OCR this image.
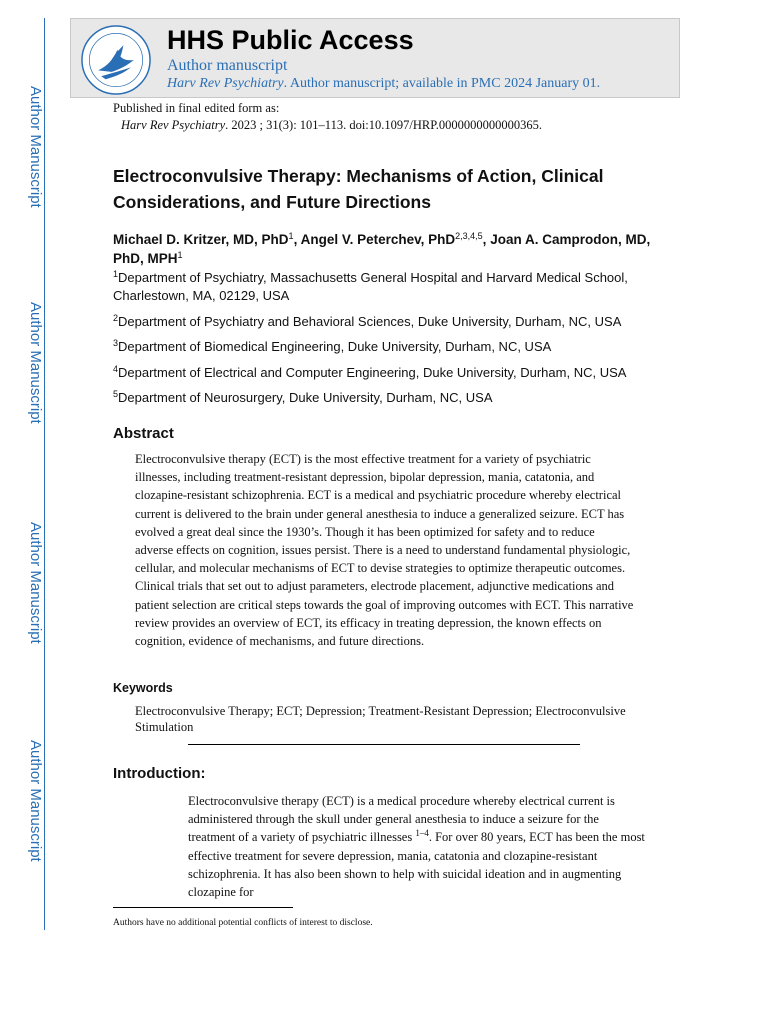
Author Manuscript
Author Manuscript
Author Manuscript
Author Manuscript
HHS Public Access
Author manuscript
Harv Rev Psychiatry. Author manuscript; available in PMC 2024 January 01.
Published in final edited form as:
Harv Rev Psychiatry. 2023 ; 31(3): 101–113. doi:10.1097/HRP.0000000000000365.
Electroconvulsive Therapy: Mechanisms of Action, Clinical Considerations, and Future Directions
Michael D. Kritzer, MD, PhD$^1$, Angel V. Peterchev, PhD$^{2,3,4,5}$, Joan A. Camprodon, MD, PhD, MPH$^1$
$^1$Department of Psychiatry, Massachusetts General Hospital and Harvard Medical School, Charlestown, MA, 02129, USA
$^2$Department of Psychiatry and Behavioral Sciences, Duke University, Durham, NC, USA
$^3$Department of Biomedical Engineering, Duke University, Durham, NC, USA
$^4$Department of Electrical and Computer Engineering, Duke University, Durham, NC, USA
$^5$Department of Neurosurgery, Duke University, Durham, NC, USA
Abstract
Electroconvulsive therapy (ECT) is the most effective treatment for a variety of psychiatric illnesses, including treatment-resistant depression, bipolar depression, mania, catatonia, and clozapine-resistant schizophrenia. ECT is a medical and psychiatric procedure whereby electrical current is delivered to the brain under general anesthesia to induce a generalized seizure. ECT has evolved a great deal since the 1930’s. Though it has been optimized for safety and to reduce adverse effects on cognition, issues persist. There is a need to understand fundamental physiologic, cellular, and molecular mechanisms of ECT to devise strategies to optimize therapeutic outcomes. Clinical trials that set out to adjust parameters, electrode placement, adjunctive medications and patient selection are critical steps towards the goal of improving outcomes with ECT. This narrative review provides an overview of ECT, its efficacy in treating depression, the known effects on cognition, evidence of mechanisms, and future directions.
Keywords
Electroconvulsive Therapy; ECT; Depression; Treatment-Resistant Depression; Electroconvulsive Stimulation
Introduction:
Electroconvulsive therapy (ECT) is a medical procedure whereby electrical current is administered through the skull under general anesthesia to induce a seizure for the treatment of a variety of psychiatric illnesses $^{1-4}$. For over 80 years, ECT has been the most effective treatment for severe depression, mania, catatonia and clozapine-resistant schizophrenia. It has also been shown to help with suicidal ideation and in augmenting clozapine for
Authors have no additional potential conflicts of interest to disclose.
